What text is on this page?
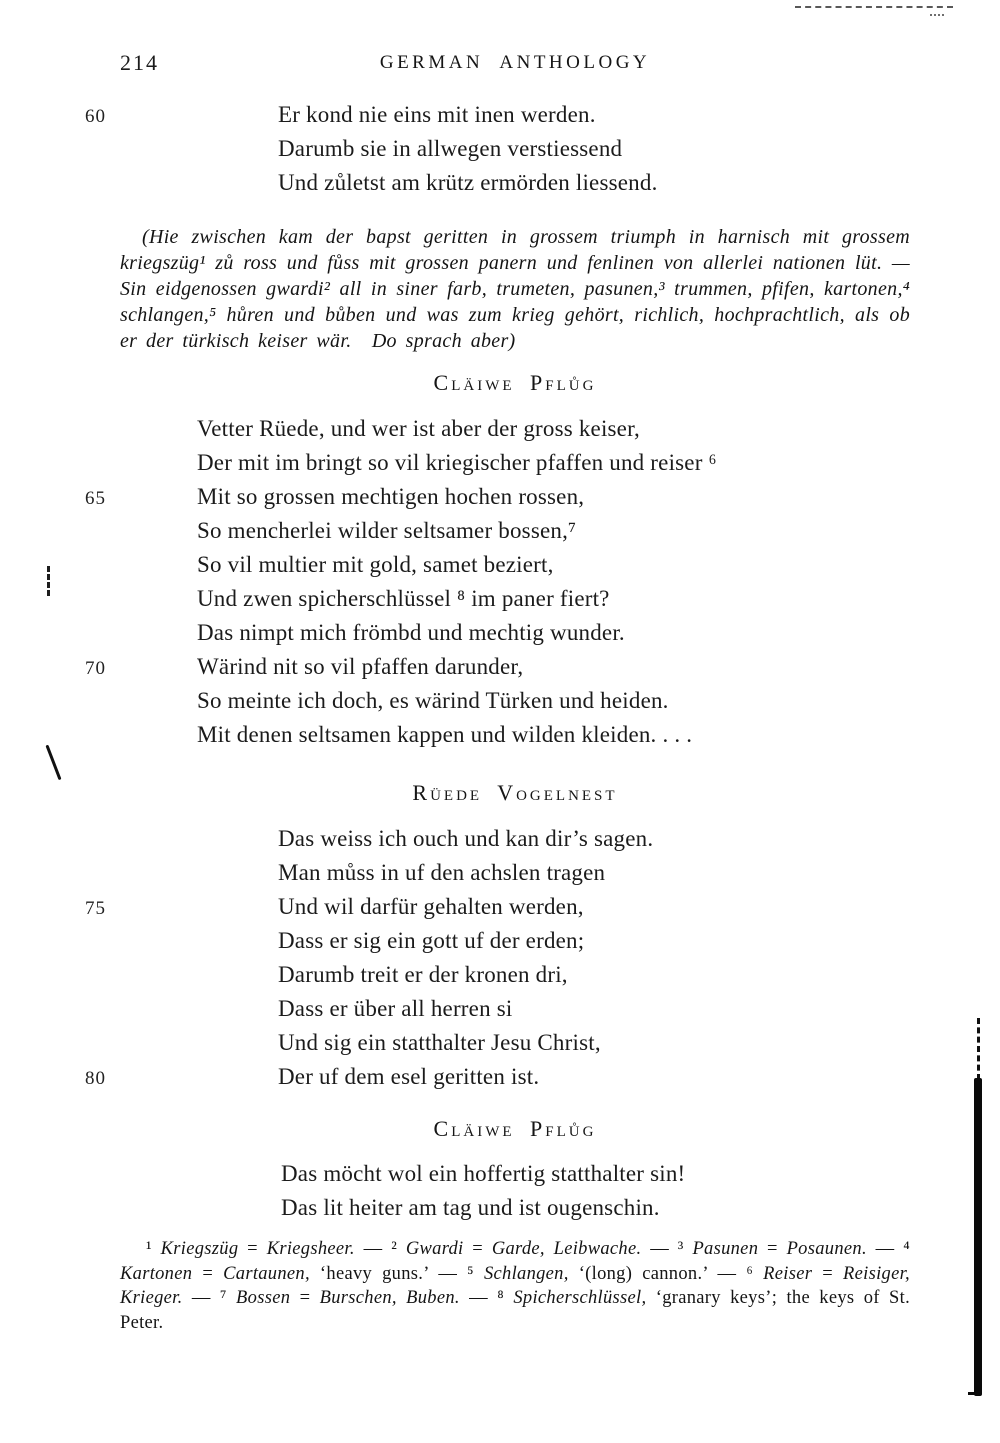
214	GERMAN ANTHOLOGY
60	Er kond nie eins mit inen werden.
Darumb sie in allwegen verstiessend
Und zůletst am krütz ermörden liessend.

(Hie zwischen kam der bapst geritten in grossem triumph in harnisch mit grossem kriegszüg¹ zů ross und fůss mit grossen panern und fenlinen von allerlei nationen lüt. — Sin eidgenossen gwardi² all in siner farb, trumeten, pasunen,³ trummen, pfifen, kartonen,⁴ schlangen,⁵ hůren und bůben und was zum krieg gehört, richlich, hochprachtlich, als ob er der türkisch keiser wär. Do sprach aber)

Cläiwe Pflůg
Vetter Rüede, und wer ist aber der gross keiser,
Der mit im bringt so vil kriegischer pfaffen und reiser ⁶
65	Mit so grossen mechtigen hochen rossen,
So mencherlei wilder seltsamer bossen,⁷
So vil multier mit gold, samet beziert,
Und zwen spicherschlüssel ⁸ im paner fiert?
Das nimpt mich frömbd und mechtig wunder.
70	Wärind nit so vil pfaffen darunder,
So meinte ich doch, es wärind Türken und heiden.
Mit denen seltsamen kappen und wilden kleiden. . . .
Rüede Vogelnest
Das weiss ich ouch und kan dir’s sagen.
Man můss in uf den achslen tragen
75	Und wil darfür gehalten werden,
Dass er sig ein gott uf der erden;
Darumb treit er der kronen dri,
Dass er über all herren si
Und sig ein statthalter Jesu Christ,
80	Der uf dem esel geritten ist.
Cläiwe Pflůg
Das möcht wol ein hoffertig statthalter sin!
Das lit heiter am tag und ist ougenschin.

¹ Kriegszüg = Kriegsheer. — ² Gwardi = Garde, Leibwache. — ³ Pasunen = Posaunen. — ⁴ Kartonen = Cartaunen, ‘heavy guns.’ — ⁵ Schlangen, ‘(long) cannon.’ — ⁶ Reiser = Reisiger, Krieger. — ⁷ Bossen = Burschen, Buben. — ⁸ Spicherschlüssel, ‘granary keys’; the keys of St. Peter.
